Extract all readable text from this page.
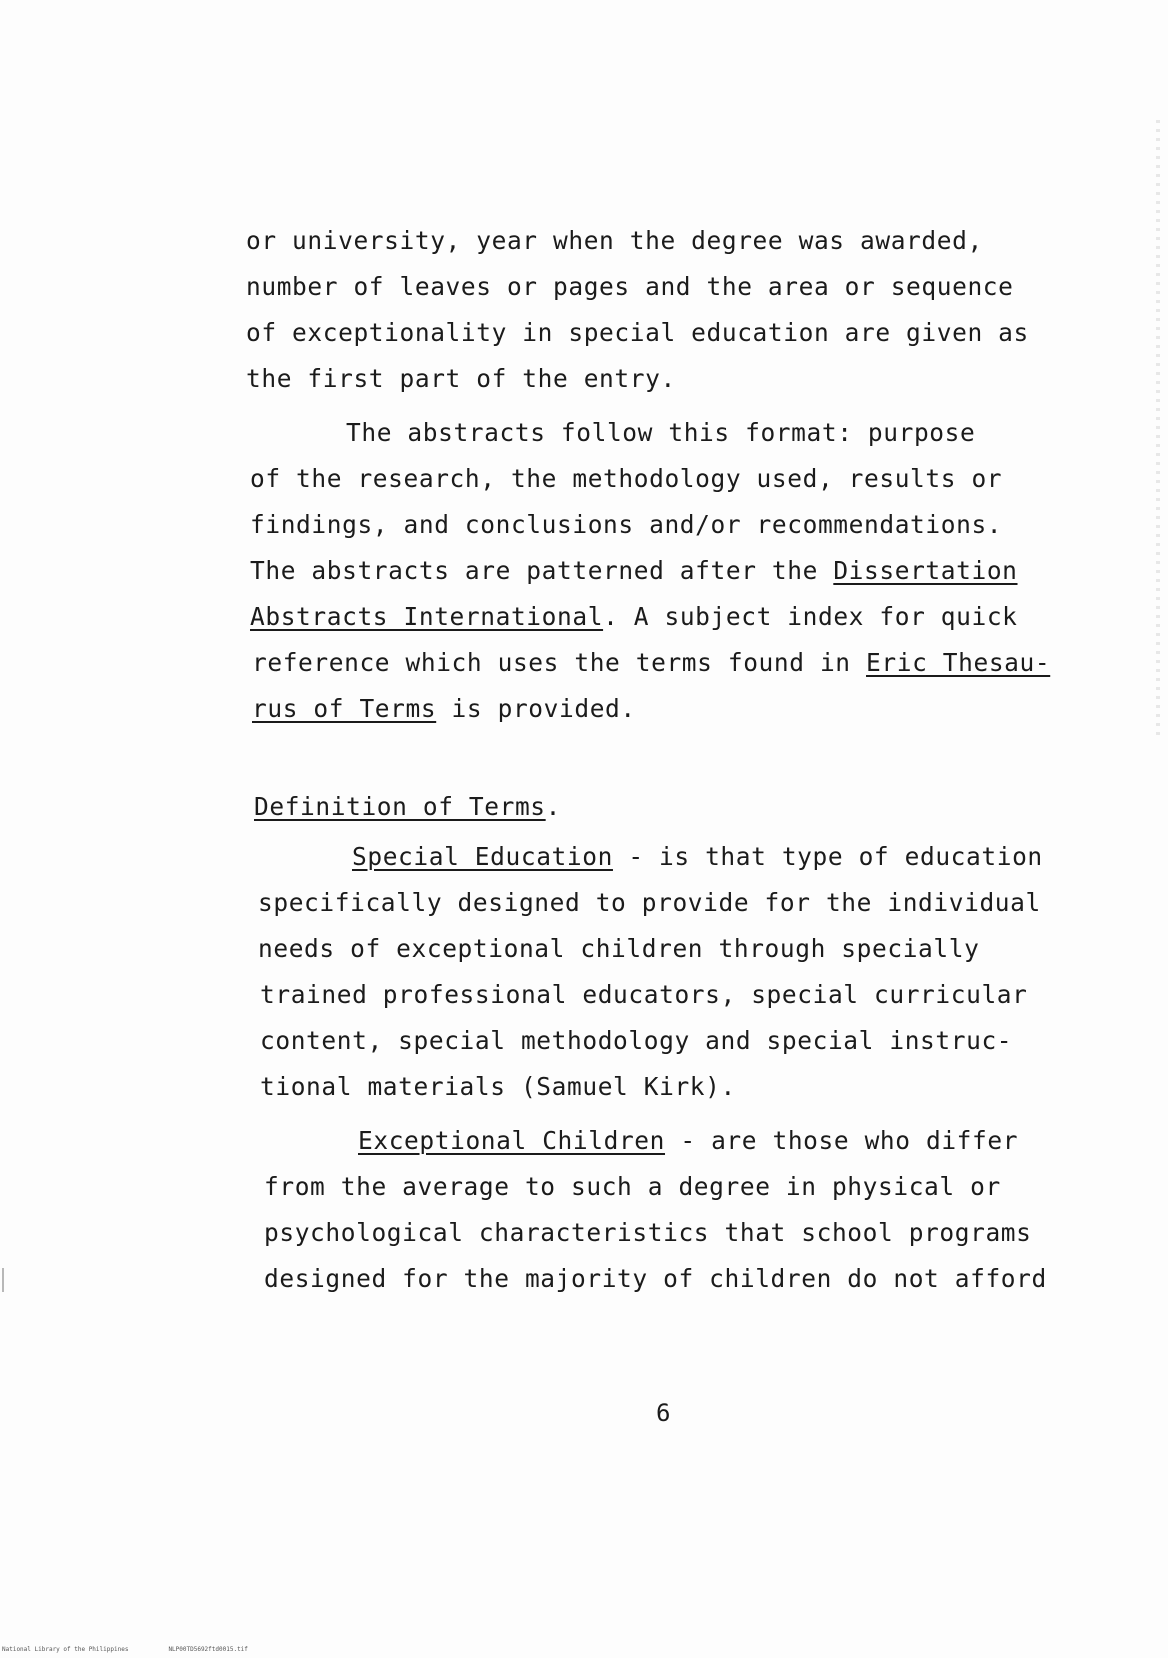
or university, year when the degree was awarded,
number of leaves or pages and the area or sequence
of exceptionality in special education are given as
the first part of the entry.
The abstracts follow this format: purpose
of the research, the methodology used, results or
findings, and conclusions and/or recommendations.
The abstracts are patterned after the Dissertation
Abstracts International. A subject index for quick
reference which uses the terms found in Eric Thesau-
rus of Terms is provided.
Definition of Terms.
Special Education - is that type of education
specifically designed to provide for the individual
needs of exceptional children through specially
trained professional educators, special curricular
content, special methodology and special instruc-
tional materials (Samuel Kirk).
Exceptional Children - are those who differ
from the average to such a degree in physical or
psychological characteristics that school programs
designed for the majority of children do not afford
6
National Library of the Philippines	NLP00TD5692ftd0015.tif
